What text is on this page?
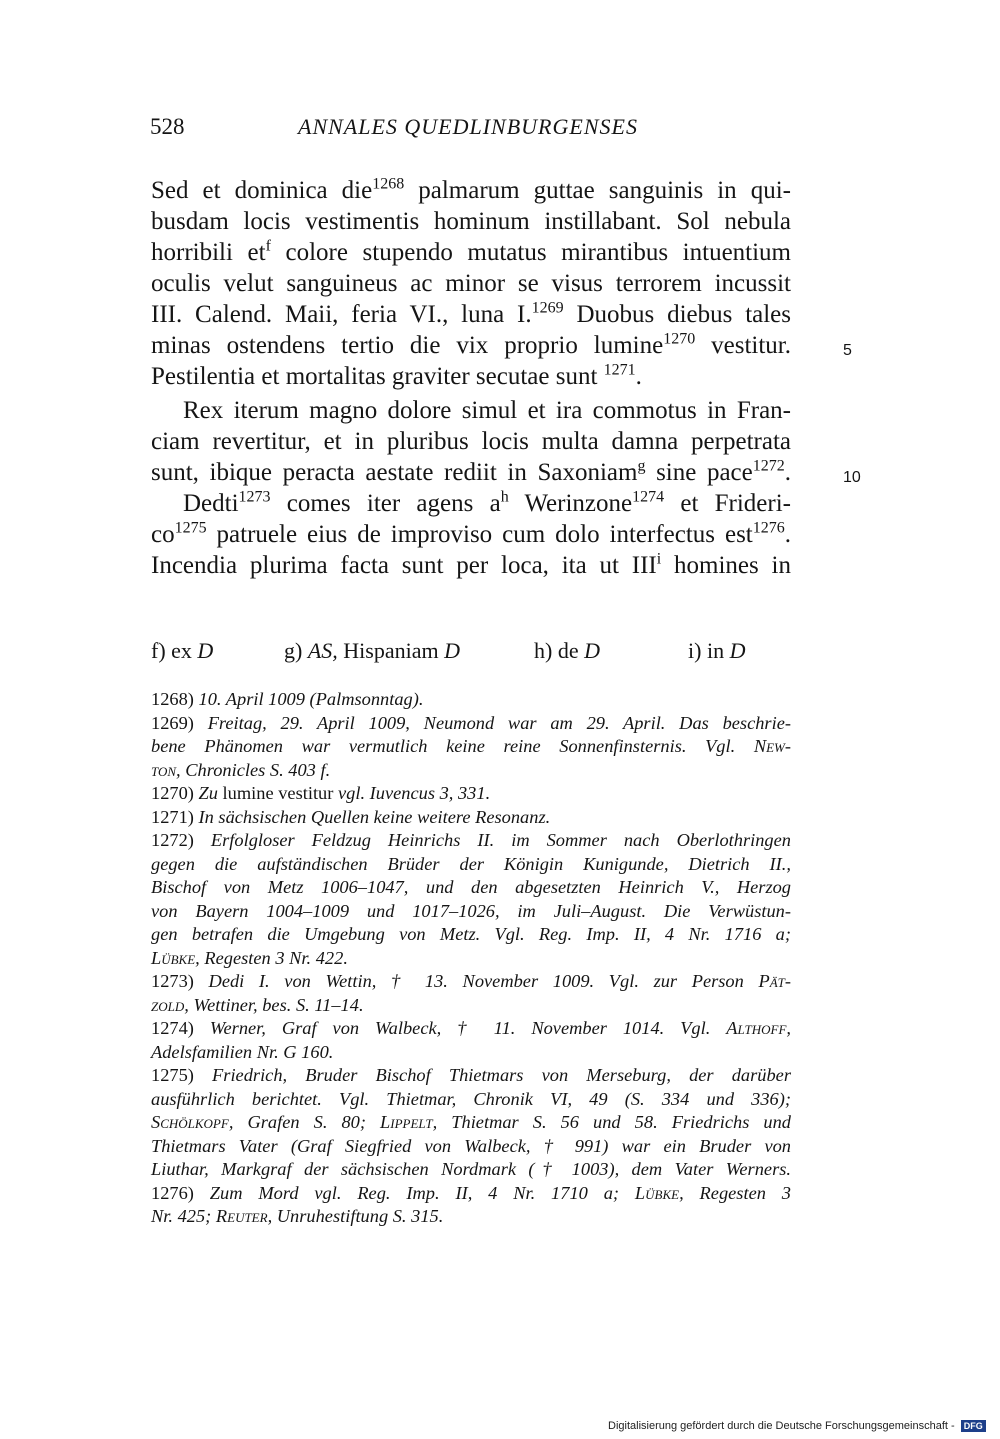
528	ANNALES QUEDLINBURGENSES
Sed et dominica die$^{1268}$ palmarum guttae sanguinis in qui-
busdam locis vestimentis hominum instillabant. Sol nebula
horribili $et^f$ colore stupendo mutatus mirantibus intuentium
oculis velut sanguineus ac minor se visus terrorem incussit
III. Calend. Maii, feria VI., luna I.$^{1269}$ Duobus diebus tales
minas ostendens tertio die vix proprio lumine$^{1270}$ vestitur.
Pestilentia et mortalitas graviter secutae sunt $^{1271}$.
Rex iterum magno dolore simul et ira commotus in Fran-
ciam revertitur, et in pluribus locis multa damna perpetrata
sunt, ibique peracta aestate rediit in Saxoniam$^g$ sine pace$^{1272}$.
Dedti$^{1273}$ comes iter agens $a^h$ Werinzone$^{1274}$ et Frideri-
$co^{1275}$ patruele eius de improviso cum dolo interfectus est$^{1276}$.
Incendia plurima facta sunt per loca, ita ut III$^i$ homines in
5
10
f) ex D	g) AS, Hispaniam D	h) de D	i) in D
1268) 10. April 1009 (Palmsonntag).
1269) Freitag, 29. April 1009, Neumond war am 29. April. Das beschrie-
bene Phänomen war vermutlich keine reine Sonnenfinsternis. Vgl. New-
ton, Chronicles S. 403 f.
1270) Zu lumine vestitur vgl. Iuvencus 3, 331.
1271) In sächsischen Quellen keine weitere Resonanz.
1272) Erfolgloser Feldzug Heinrichs II. im Sommer nach Oberlothringen
gegen die aufständischen Brüder der Königin Kunigunde, Dietrich II.,
Bischof von Metz 1006–1047, und den abgesetzten Heinrich V., Herzog
von Bayern 1004–1009 und 1017–1026, im Juli–August. Die Verwüstun-
gen betrafen die Umgebung von Metz. Vgl. Reg. Imp. II, 4 Nr. 1716 a;
Lübke, Regesten 3 Nr. 422.
1273) Dedi I. von Wettin, † 13. November 1009. Vgl. zur Person Pät-
zold, Wettiner, bes. S. 11–14.
1274) Werner, Graf von Walbeck, † 11. November 1014. Vgl. Althoff,
Adelsfamilien Nr. G 160.
1275) Friedrich, Bruder Bischof Thietmars von Merseburg, der darüber
ausführlich berichtet. Vgl. Thietmar, Chronik VI, 49 (S. 334 und 336);
Schölkopf, Grafen S. 80; Lippelt, Thietmar S. 56 und 58. Friedrichs und
Thietmars Vater (Graf Siegfried von Walbeck, † 991) war ein Bruder von
Liuthar, Markgraf der sächsischen Nordmark († 1003), dem Vater Werners.
1276) Zum Mord vgl. Reg. Imp. II, 4 Nr. 1710 a; Lübke, Regesten 3
Nr. 425; Reuter, Unruhestiftung S. 315.
Digitalisierung gefördert durch die Deutsche Forschungsgemeinschaft - DFG
